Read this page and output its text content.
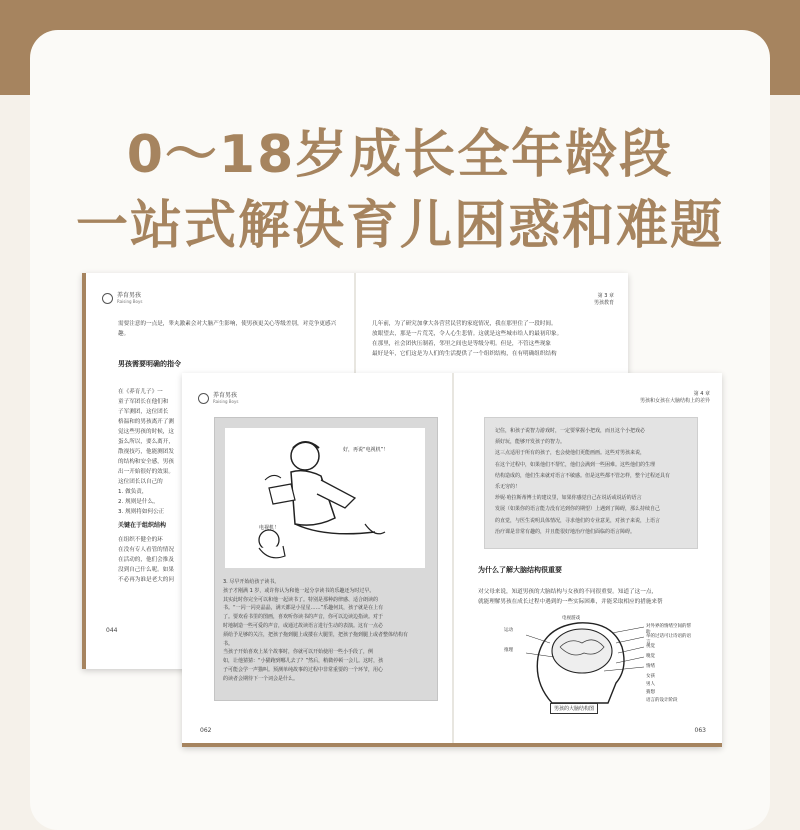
0～18岁成长全年龄段
一站式解决育儿困惑和难题
养育男孩
Raising Boys
第 3 章
男孩教育
需要注意的一点是，睾丸激素会对大脑产生影响，使男孩更关心等级差别，对竞争更感兴趣。
男孩需要明确的指令
在《养育儿子》一
童子军团长在他们和
子军测团，这位团长
格温和的男孩离开了测
觉这些男孩的时候，这
蛋么所以，要么离开，
散视技巧，他能测团发
的结构和安全感，男孩
出一开始很好的效果。
这位团长以自己的
1. 做负责，
2. 规则是什么，
3. 规则将如何公正
关键在于组织结构
在组织不健全的环
在没有专人看管的情况
在活动的，他们会推及
没到自己什么呢。如果
不必再为谁是老大的问
044
几年前，为了研究加拿大各营营民营的家庭情况，我在那里住了一段时间。
放眼望去，那是一片荒芜，令人心生悲情。这就是这些城市给人的最初印象。
在那里，社会团伙压制着，邻里之间也是等级分明。但是，不管这些现象
最好是年，它们这是为人们的生活提供了一个组织结构，在有明确组织结构
养育男孩
Raising Boys
第 4 章
男孩和女孩在大脑结构上的差异
好，再说“电视机”！
电视机！
3. 尽早开始给孩子读书。
孩子才刚满 1 岁，或许你认为和他一起分享读书的乐趣还为时过早。
其实此时你完全可以和他一起读书了。特别是那种韵律感、适合朗读的
书。“一闪一闪亮晶晶，满天都是小星星……”乐趣何其，孩子就是在上有
了。要欢看书里的图画，喜欢听你读书的声音，你可以边读边指读。对于
时地制造一些可爱的声音，或通过故读语言进行生动的表演。这有一点必
须给予足够的关注，把孩子拖到腿上或搂在大腿里，把孩子拖到腿上或者整体结构有
书。
当孩子开始喜欢上某个故事时，你就可以开始使用一些小手段了，例
如，让他猜猜：“小猫跑到哪儿去了？”然后，稍微停顿一会儿。这时，孩
子可能会学一声猫叫。预测单纯故事的过程中非常重要的一个环节，用心
的读者会期待下一个词会是什么。
062
记住，和孩子说智力游戏时，一定要掌握小把戏，而且这个小把戏必
须好玩，能够开发孩子的智力。
这三点适用于所有的孩子，也会使他们更能画画。这些对男孩来说，
在这个过程中，如果他们不帮忙，他们会满到一些困难。这些他们的生理
结构造成的，他们生来就对语言不敏感。但是这些都不管怎样，整个过程还具有
乐无穷的！
珍妮·哈拉斯蒂博士的建议里，如果你感觉自己在说话或说话的语言
发展（如果你的语言能力没有达到你的期望）上遇到了障碍，那么持续自己
的直觉，与医生说明具体情况，寻求他们的专业意见，对孩子来说，上语言
治疗课是非常有趣的，并且能很好地治疗他们面临的语言障碍。
为什么了解大脑结构很重要
对父母来说，知道男孩的大脑结构与女孩的不同很重要。知道了这一点，
就能理解男孩在成长过程中遇到的一些实际困难，并能采取相应的措施来帮
运动
推理
电视游戏
对外界的情绪空间的帮助
举的过话可让诗语的语言
视觉
嗅觉
情绪
女孩
男人
猜想
语言的设计阶段
男孩的大脑结构图
063
